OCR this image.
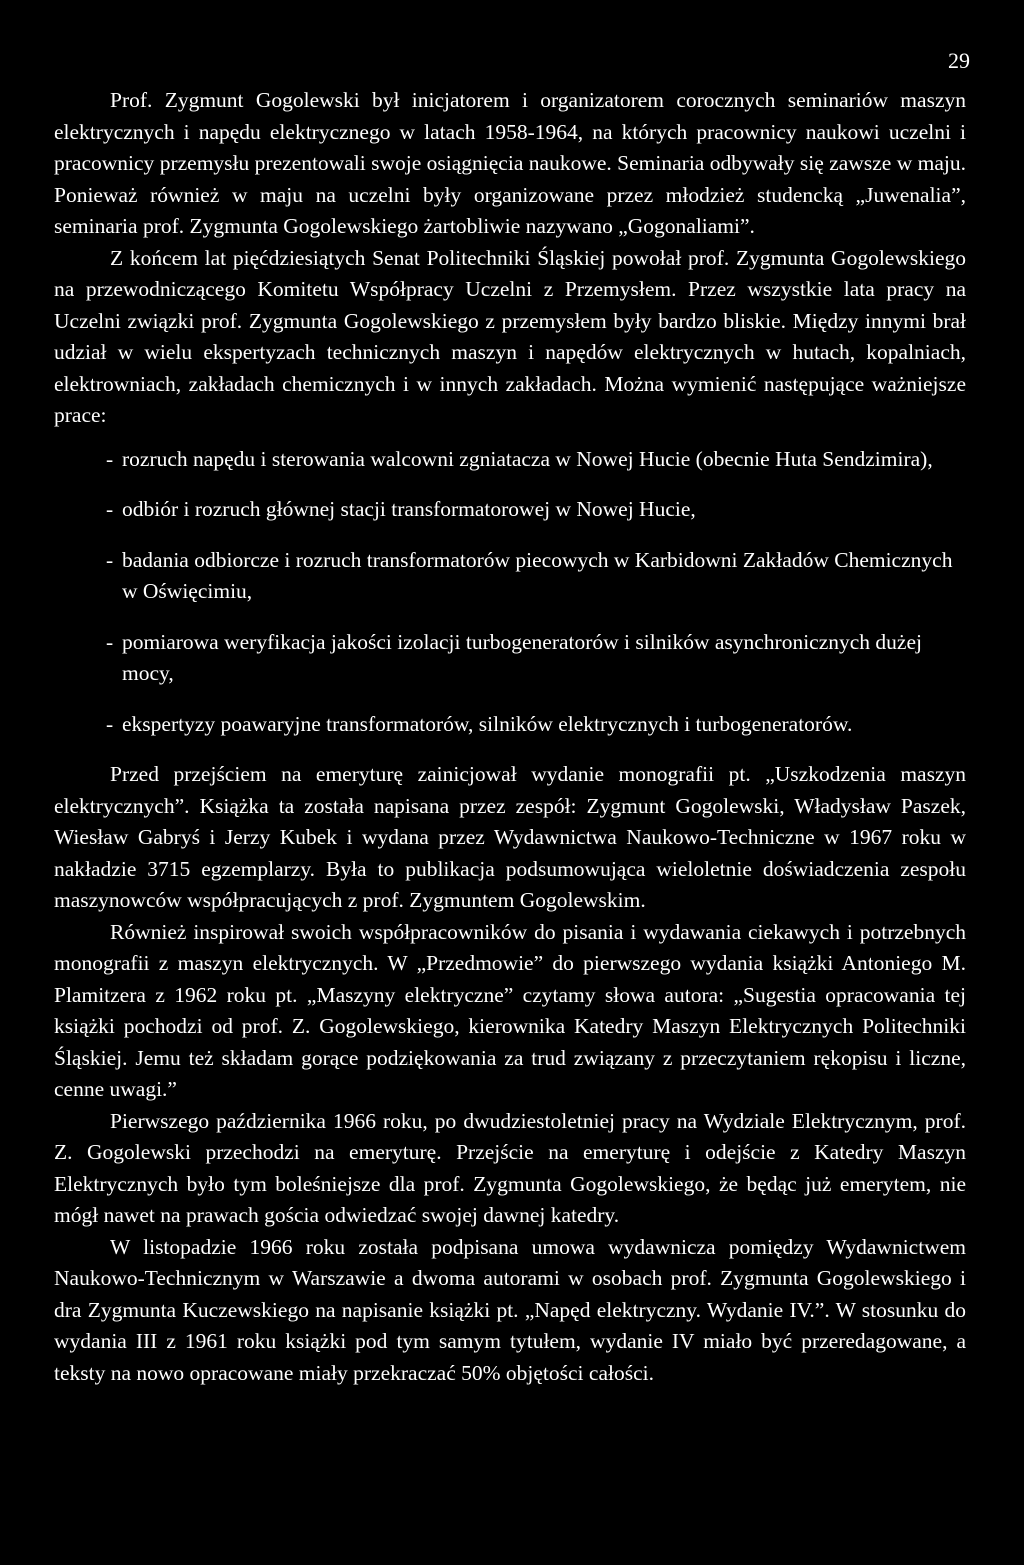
29

Prof. Zygmunt Gogolewski był inicjatorem i organizatorem corocznych seminariów maszyn elektrycznych i napędu elektrycznego w latach 1958-1964, na których pracownicy naukowi uczelni i pracownicy przemysłu prezentowali swoje osiągnięcia naukowe. Seminaria odbywały się zawsze w maju. Ponieważ również w maju na uczelni były organizowane przez młodzież studencką „Juwenalia”, seminaria prof. Zygmunta Gogolewskiego żartobliwie nazywano „Gogonaliami”.

Z końcem lat pięćdziesiątych Senat Politechniki Śląskiej powołał prof. Zygmunta Gogolewskiego na przewodniczącego Komitetu Współpracy Uczelni z Przemysłem. Przez wszystkie lata pracy na Uczelni związki prof. Zygmunta Gogolewskiego z przemysłem były bardzo bliskie. Między innymi brał udział w wielu ekspertyzach technicznych maszyn i napędów elektrycznych w hutach, kopalniach, elektrowniach, zakładach chemicznych i w innych zakładach. Można wymienić następujące ważniejsze prace:

- rozruch napędu i sterowania walcowni zgniatacza w Nowej Hucie (obecnie Huta Sendzimira),
- odbiór i rozruch głównej stacji transformatorowej w Nowej Hucie,
- badania odbiorcze i rozruch transformatorów piecowych w Karbidowni Zakładów Chemicznych w Oświęcimiu,
- pomiarowa weryfikacja jakości izolacji turbogeneratorów i silników asynchronicznych dużej mocy,
- ekspertyzy poawaryjne transformatorów, silników elektrycznych i turbogeneratorów.

Przed przejściem na emeryturę zainicjował wydanie monografii pt. „Uszkodzenia maszyn elektrycznych”. Książka ta została napisana przez zespół: Zygmunt Gogolewski, Władysław Paszek, Wiesław Gabryś i Jerzy Kubek i wydana przez Wydawnictwa Naukowo-Techniczne w 1967 roku w nakładzie 3715 egzemplarzy. Była to publikacja podsumowująca wieloletnie doświadczenia zespołu maszynowców współpracujących z prof. Zygmuntem Gogolewskim.

Również inspirował swoich współpracowników do pisania i wydawania ciekawych i potrzebnych monografii z maszyn elektrycznych. W „Przedmowie” do pierwszego wydania książki Antoniego M. Plamitzera z 1962 roku pt. „Maszyny elektryczne” czytamy słowa autora: „Sugestia opracowania tej książki pochodzi od prof. Z. Gogolewskiego, kierownika Katedry Maszyn Elektrycznych Politechniki Śląskiej. Jemu też składam gorące podziękowania za trud związany z przeczytaniem rękopisu i liczne, cenne uwagi.”

Pierwszego października 1966 roku, po dwudziestoletniej pracy na Wydziale Elektrycznym, prof. Z. Gogolewski przechodzi na emeryturę. Przejście na emeryturę i odejście z Katedry Maszyn Elektrycznych było tym boleśniejsze dla prof. Zygmunta Gogolewskiego, że będąc już emerytem, nie mógł nawet na prawach gościa odwiedzać swojej dawnej katedry.

W listopadzie 1966 roku została podpisana umowa wydawnicza pomiędzy Wydawnictwem Naukowo-Technicznym w Warszawie a dwoma autorami w osobach prof. Zygmunta Gogolewskiego i dra Zygmunta Kuczewskiego na napisanie książki pt. „Napęd elektryczny. Wydanie IV.”. W stosunku do wydania III z 1961 roku książki pod tym samym tytułem, wydanie IV miało być przeredagowane, a teksty na nowo opracowane miały przekraczać 50% objętości całości.
